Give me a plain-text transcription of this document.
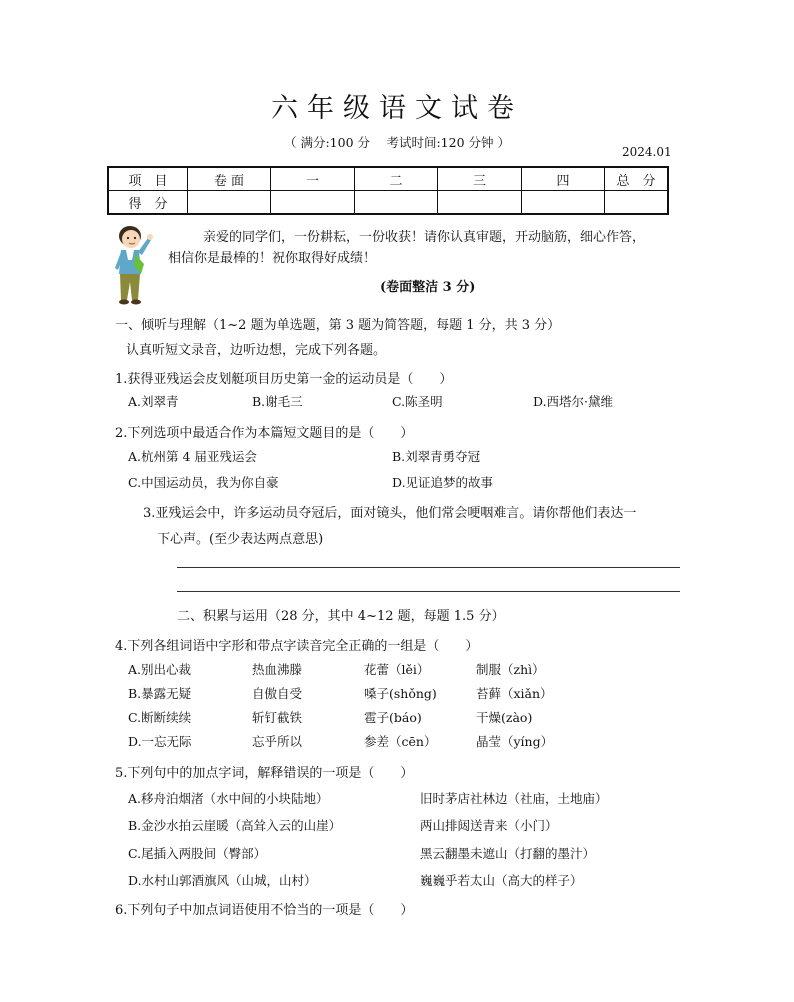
六年级语文试卷
（ 满分:100 分　 考试时间:120 分钟 ）
2024.01
项　目	卷 面	一	二	三	四	总　分
得　分						
亲爱的同学们，一份耕耘，一份收获！请你认真审题，开动脑筋，细心作答，
相信你是最棒的！祝你取得好成绩！
(卷面整洁 3 分)
一、倾听与理解（1~2 题为单选题，第 3 题为简答题，每题 1 分，共 3 分）
认真听短文录音，边听边想，完成下列各题。
1.获得亚残运会皮划艇项目历史第一金的运动员是（　　）
A.刘翠青	B.谢毛三	C.陈圣明	D.西塔尔·黛维
2.下列选项中最适合作为本篇短文题目的是（　　）
A.杭州第 4 届亚残运会	B.刘翠青勇夺冠
C.中国运动员，我为你自豪	D.见证追梦的故事
3.亚残运会中，许多运动员夺冠后，面对镜头，他们常会哽咽难言。请你帮他们表达一
下心声。(至少表达两点意思)
二、积累与运用（28 分，其中 4~12 题，每题 1.5 分）
4.下列各组词语中字形和带点字读音完全正确的一组是（　　）
A.别出心裁	热血沸滕	花蕾（lěi）	制服（zhì）
B.暴露无疑	自傲自受	嗓子(shǒng)	苔藓（xiǎn）
C.断断续续	斩钉截铁	雹子(báo)	干燥(zào)
D.一忘无际	忘乎所以	参差（cēn）	晶莹（yíng）
5.下列句中的加点字词，解释错误的一项是（　　）
A.移舟泊烟渚（水中间的小块陆地）	旧时茅店社林边（社庙，土地庙）
B.金沙水拍云崖暖（高耸入云的山崖）	两山排闼送青来（小门）
C.尾插入两股间（臀部）	黑云翻墨未遮山（打翻的墨汁）
D.水村山郭酒旗风（山城，山村）	巍巍乎若太山（高大的样子）
6.下列句子中加点词语使用不恰当的一项是（　　）
